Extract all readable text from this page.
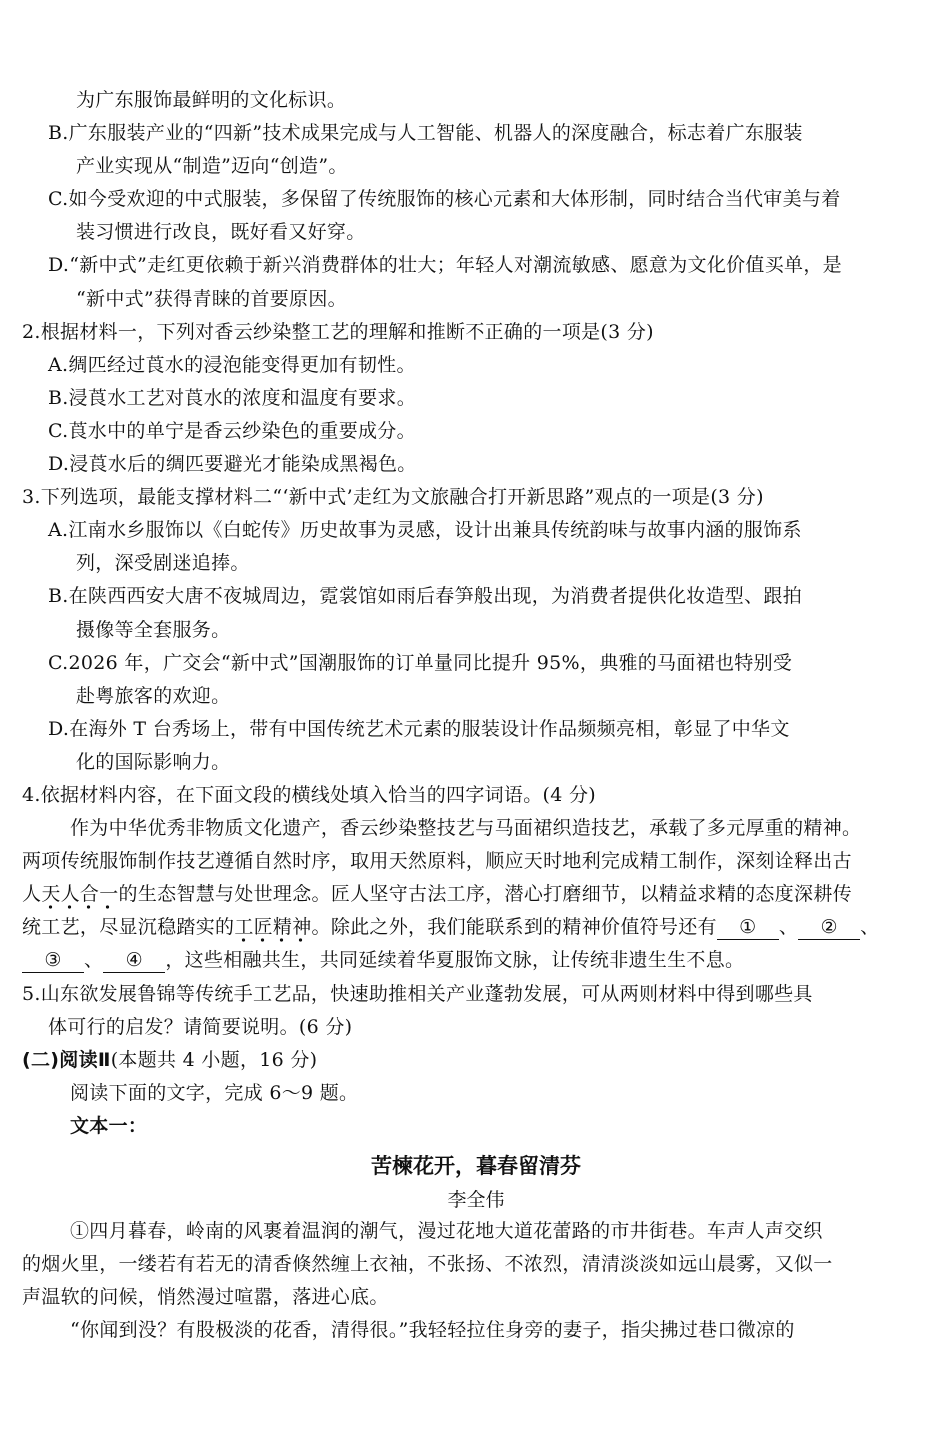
为广东服饰最鲜明的文化标识。
B.广东服装产业的“四新”技术成果完成与人工智能、机器人的深度融合，标志着广东服装
产业实现从“制造”迈向“创造”。
C.如今受欢迎的中式服装，多保留了传统服饰的核心元素和大体形制，同时结合当代审美与着
装习惯进行改良，既好看又好穿。
D.“新中式”走红更依赖于新兴消费群体的壮大；年轻人对潮流敏感、愿意为文化价值买单，是
“新中式”获得青睐的首要原因。
2.根据材料一，下列对香云纱染整工艺的理解和推断不正确的一项是(3 分)
A.绸匹经过莨水的浸泡能变得更加有韧性。
B.浸莨水工艺对莨水的浓度和温度有要求。
C.莨水中的单宁是香云纱染色的重要成分。
D.浸莨水后的绸匹要避光才能染成黑褐色。
3.下列选项，最能支撑材料二“‘新中式’走红为文旅融合打开新思路”观点的一项是(3 分)
A.江南水乡服饰以《白蛇传》历史故事为灵感，设计出兼具传统韵味与故事内涵的服饰系
列，深受剧迷追捧。
B.在陕西西安大唐不夜城周边，霓裳馆如雨后春笋般出现，为消费者提供化妆造型、跟拍
摄像等全套服务。
C.2026 年，广交会“新中式”国潮服饰的订单量同比提升 95%，典雅的马面裙也特别受
赴粤旅客的欢迎。
D.在海外 T 台秀场上，带有中国传统艺术元素的服装设计作品频频亮相，彰显了中华文
化的国际影响力。
4.依据材料内容，在下面文段的横线处填入恰当的四字词语。(4 分)
作为中华优秀非物质文化遗产，香云纱染整技艺与马面裙织造技艺，承载了多元厚重的精神。
两项传统服饰制作技艺遵循自然时序，取用天然原料，顺应天时地利完成精工制作，深刻诠释出古
人天人合一的生态智慧与处世理念。匠人坚守古法工序，潜心打磨细节，以精益求精的态度深耕传
统工艺，尽显沉稳踏实的工匠精神。除此之外，我们能联系到的精神价值符号还有 ① 、 ② 、
③ 、 ④ ，这些相融共生，共同延续着华夏服饰文脉，让传统非遗生生不息。
5.山东欲发展鲁锦等传统手工艺品，快速助推相关产业蓬勃发展，可从两则材料中得到哪些具
体可行的启发？请简要说明。(6 分)
(二)阅读Ⅱ(本题共 4 小题，16 分)
阅读下面的文字，完成 6～9 题。
文本一：
苦楝花开，暮春留清芬
李全伟
①四月暮春，岭南的风裹着温润的潮气，漫过花地大道花蕾路的市井街巷。车声人声交织
的烟火里，一缕若有若无的清香倏然缠上衣袖，不张扬、不浓烈，清清淡淡如远山晨雾，又似一
声温软的问候，悄然漫过喧嚣，落进心底。
“你闻到没？有股极淡的花香，清得很。”我轻轻拉住身旁的妻子，指尖拂过巷口微凉的
